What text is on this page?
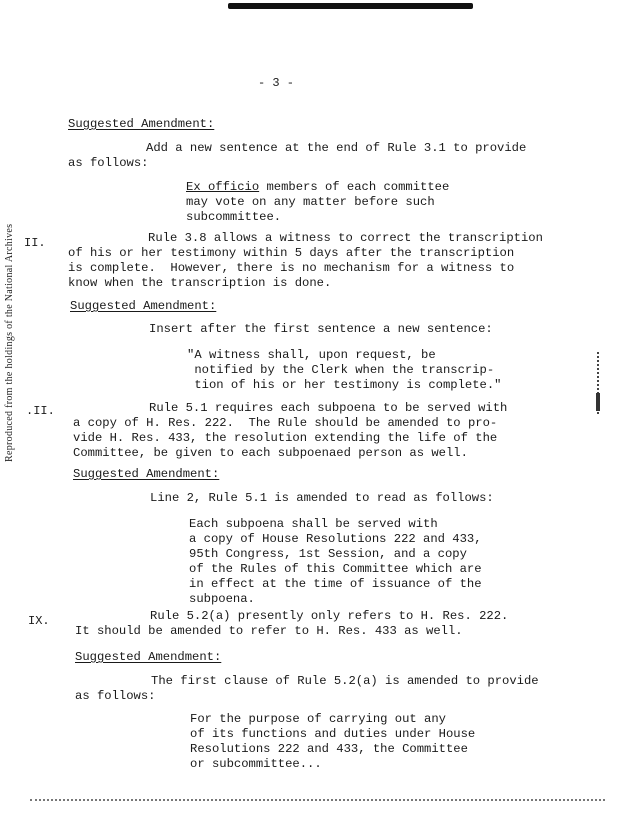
Reproduced from the holdings of the National Archives
- 3 -
Suggested Amendment:
Add a new sentence at the end of Rule 3.1 to provide
as follows:
Ex officio members of each committee
may vote on any matter before such
subcommittee.
II.	Rule 3.8 allows a witness to correct the transcription
of his or her testimony within 5 days after the transcription
is complete.  However, there is no mechanism for a witness to
know when the transcription is done.
Suggested Amendment:
Insert after the first sentence a new sentence:
"A witness shall, upon request, be
notified by the Clerk when the transcrip-
tion of his or her testimony is complete."
.II.	Rule 5.1 requires each subpoena to be served with
a copy of H. Res. 222.  The Rule should be amended to pro-
vide H. Res. 433, the resolution extending the life of the
Committee, be given to each subpoenaed person as well.
Suggested Amendment:
Line 2, Rule 5.1 is amended to read as follows:
Each subpoena shall be served with
a copy of House Resolutions 222 and 433,
95th Congress, 1st Session, and a copy
of the Rules of this Committee which are
in effect at the time of issuance of the
subpoena.
IX.	Rule 5.2(a) presently only refers to H. Res. 222.
It should be amended to refer to H. Res. 433 as well.
Suggested Amendment:
The first clause of Rule 5.2(a) is amended to provide
as follows:
For the purpose of carrying out any
of its functions and duties under House
Resolutions 222 and 433, the Committee
or subcommittee...
